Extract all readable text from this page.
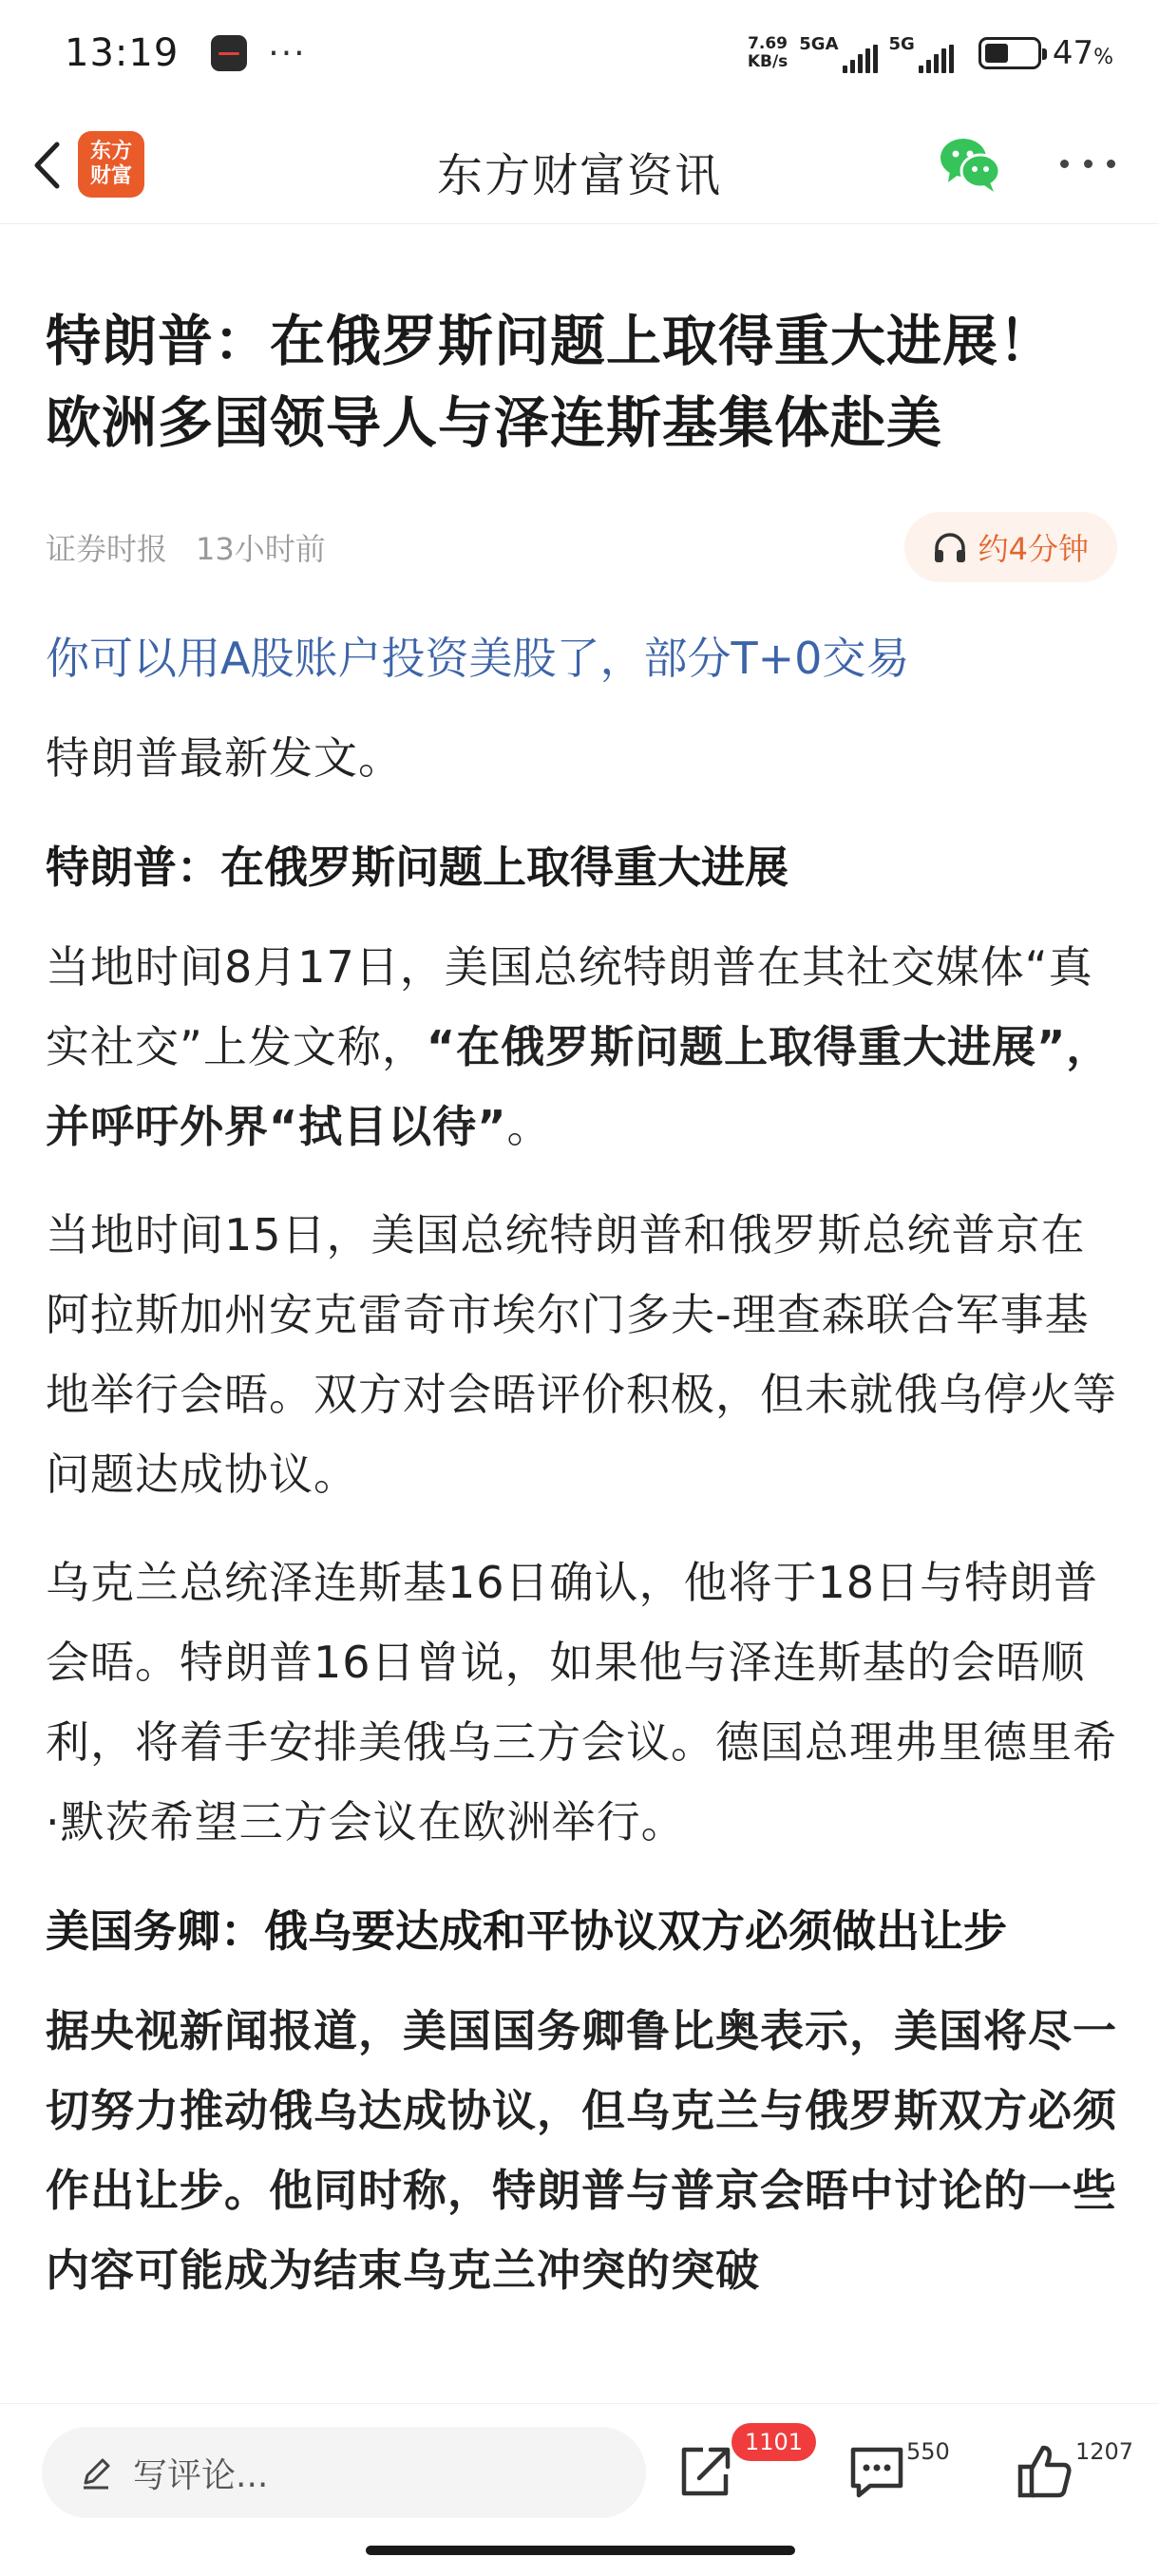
13:19	···	7.69
KB/s
5GA	5G	47%
东方
财富	东方财富资讯
特朗普：在俄罗斯问题上取得重大进展！
欧洲多国领导人与泽连斯基集体赴美
证券时报 13小时前	约4分钟
你可以用A股账户投资美股了，部分T+0交易

特朗普最新发文。

特朗普：在俄罗斯问题上取得重大进展

当地时间8月17日，美国总统特朗普在其社交媒体“真实社交”上发文称，“在俄罗斯问题上取得重大进展”，并呼吁外界“拭目以待”。

当地时间15日，美国总统特朗普和俄罗斯总统普京在阿拉斯加州安克雷奇市埃尔门多夫-理查森联合军事基地举行会晤。双方对会晤评价积极，但未就俄乌停火等问题达成协议。

乌克兰总统泽连斯基16日确认，他将于18日与特朗普会晤。特朗普16日曾说，如果他与泽连斯基的会晤顺利，将着手安排美俄乌三方会议。德国总理弗里德里希·默茨希望三方会议在欧洲举行。

美国务卿：俄乌要达成和平协议双方必须做出让步

据央视新闻报道，美国国务卿鲁比奥表示，美国将尽一切努力推动俄乌达成协议，但乌克兰与俄罗斯双方必须作出让步。他同时称，特朗普与普京会晤中讨论的一些内容可能成为结束乌克兰冲突的突破

写评论...
1101	550	1207
